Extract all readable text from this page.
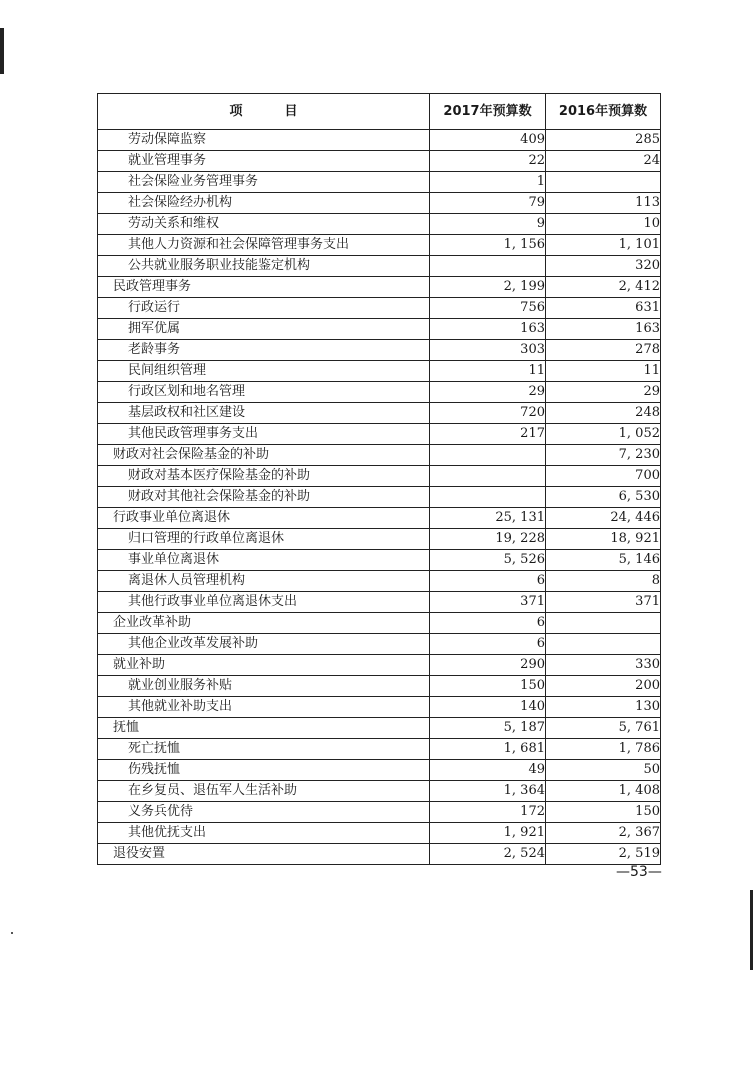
项 目	2017年预算数	2016年预算数
劳动保障监察	409	285
就业管理事务	22	24
社会保险业务管理事务	1	
社会保险经办机构	79	113
劳动关系和维权	9	10
其他人力资源和社会保障管理事务支出	1, 156	1, 101
公共就业服务职业技能鉴定机构		320
民政管理事务	2, 199	2, 412
行政运行	756	631
拥军优属	163	163
老龄事务	303	278
民间组织管理	11	11
行政区划和地名管理	29	29
基层政权和社区建设	720	248
其他民政管理事务支出	217	1, 052
财政对社会保险基金的补助		7, 230
财政对基本医疗保险基金的补助		700
财政对其他社会保险基金的补助		6, 530
行政事业单位离退休	25, 131	24, 446
归口管理的行政单位离退休	19, 228	18, 921
事业单位离退休	5, 526	5, 146
离退休人员管理机构	6	8
其他行政事业单位离退休支出	371	371
企业改革补助	6	
其他企业改革发展补助	6	
就业补助	290	330
就业创业服务补贴	150	200
其他就业补助支出	140	130
抚恤	5, 187	5, 761
死亡抚恤	1, 681	1, 786
伤残抚恤	49	50
在乡复员、退伍军人生活补助	1, 364	1, 408
义务兵优待	172	150
其他优抚支出	1, 921	2, 367
退役安置	2, 524	2, 519
—53—
